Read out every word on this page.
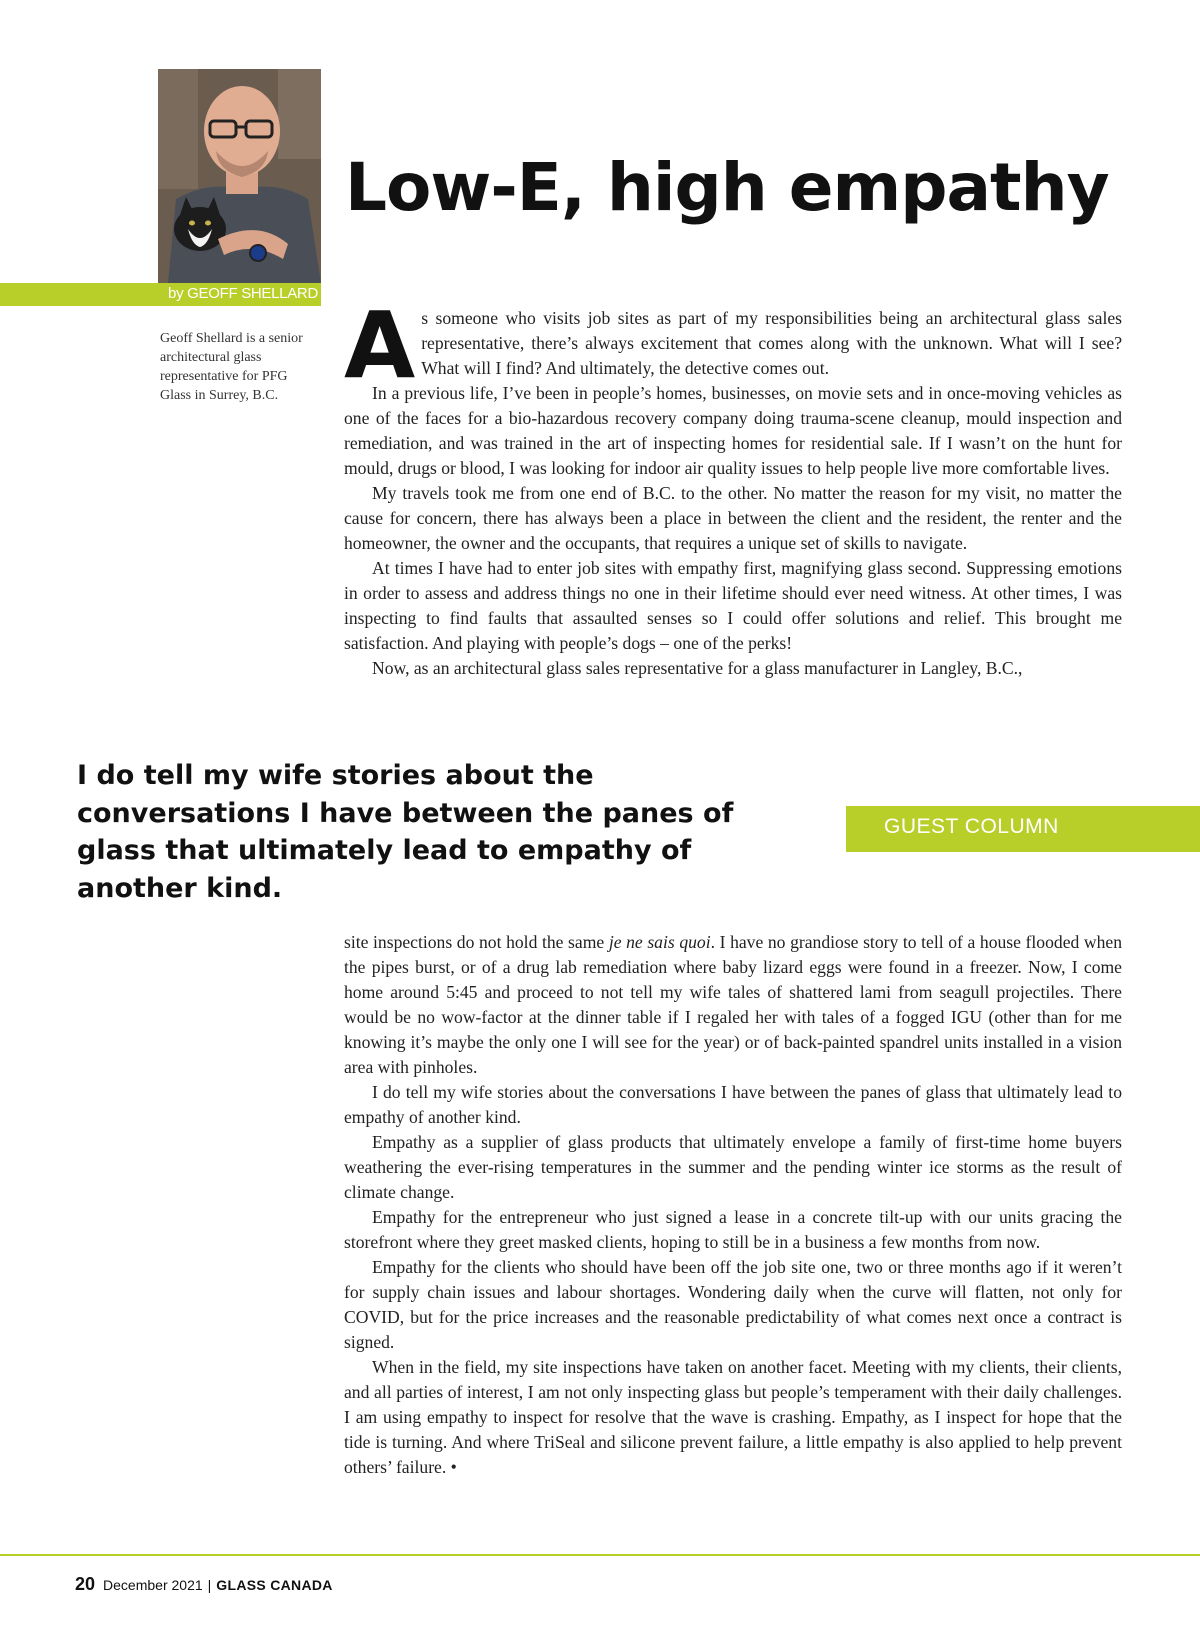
by GEOFF SHELLARD
Geoff Shellard is a senior architectural glass representative for PFG Glass in Surrey, B.C.
Low-E, high empathy

As someone who visits job sites as part of my responsibilities being an architectural glass sales representative, there’s always excitement that comes along with the unknown. What will I see? What will I find? And ultimately, the detective comes out.

In a previous life, I’ve been in people’s homes, businesses, on movie sets and in once-moving vehicles as one of the faces for a bio-hazardous recovery company doing trauma-scene cleanup, mould inspection and remediation, and was trained in the art of inspecting homes for residential sale. If I wasn’t on the hunt for mould, drugs or blood, I was looking for indoor air quality issues to help people live more comfortable lives.

My travels took me from one end of B.C. to the other. No matter the reason for my visit, no matter the cause for concern, there has always been a place in between the client and the resident, the renter and the homeowner, the owner and the occupants, that requires a unique set of skills to navigate.

At times I have had to enter job sites with empathy first, magnifying glass second. Suppressing emotions in order to assess and address things no one in their lifetime should ever need witness. At other times, I was inspecting to find faults that assaulted senses so I could offer solutions and relief. This brought me satisfaction. And playing with people’s dogs – one of the perks!

Now, as an architectural glass sales representative for a glass manufacturer in Langley, B.C.,

I do tell my wife stories about the conversations I have between the panes of glass that ultimately lead to empathy of another kind.

GUEST COLUMN

site inspections do not hold the same je ne sais quoi. I have no grandiose story to tell of a house flooded when the pipes burst, or of a drug lab remediation where baby lizard eggs were found in a freezer. Now, I come home around 5:45 and proceed to not tell my wife tales of shattered lami from seagull projectiles. There would be no wow-factor at the dinner table if I regaled her with tales of a fogged IGU (other than for me knowing it’s maybe the only one I will see for the year) or of back-painted spandrel units installed in a vision area with pinholes.

I do tell my wife stories about the conversations I have between the panes of glass that ultimately lead to empathy of another kind.

Empathy as a supplier of glass products that ultimately envelope a family of first-time home buyers weathering the ever-rising temperatures in the summer and the pending winter ice storms as the result of climate change.

Empathy for the entrepreneur who just signed a lease in a concrete tilt-up with our units gracing the storefront where they greet masked clients, hoping to still be in a business a few months from now.

Empathy for the clients who should have been off the job site one, two or three months ago if it weren’t for supply chain issues and labour shortages. Wondering daily when the curve will flatten, not only for COVID, but for the price increases and the reasonable predictability of what comes next once a contract is signed.

When in the field, my site inspections have taken on another facet. Meeting with my clients, their clients, and all parties of interest, I am not only inspecting glass but people’s temperament with their daily challenges. I am using empathy to inspect for resolve that the wave is crashing. Empathy, as I inspect for hope that the tide is turning. And where TriSeal and silicone prevent failure, a little empathy is also applied to help prevent others’ failure. •

20 December 2021 | GLASS CANADA
